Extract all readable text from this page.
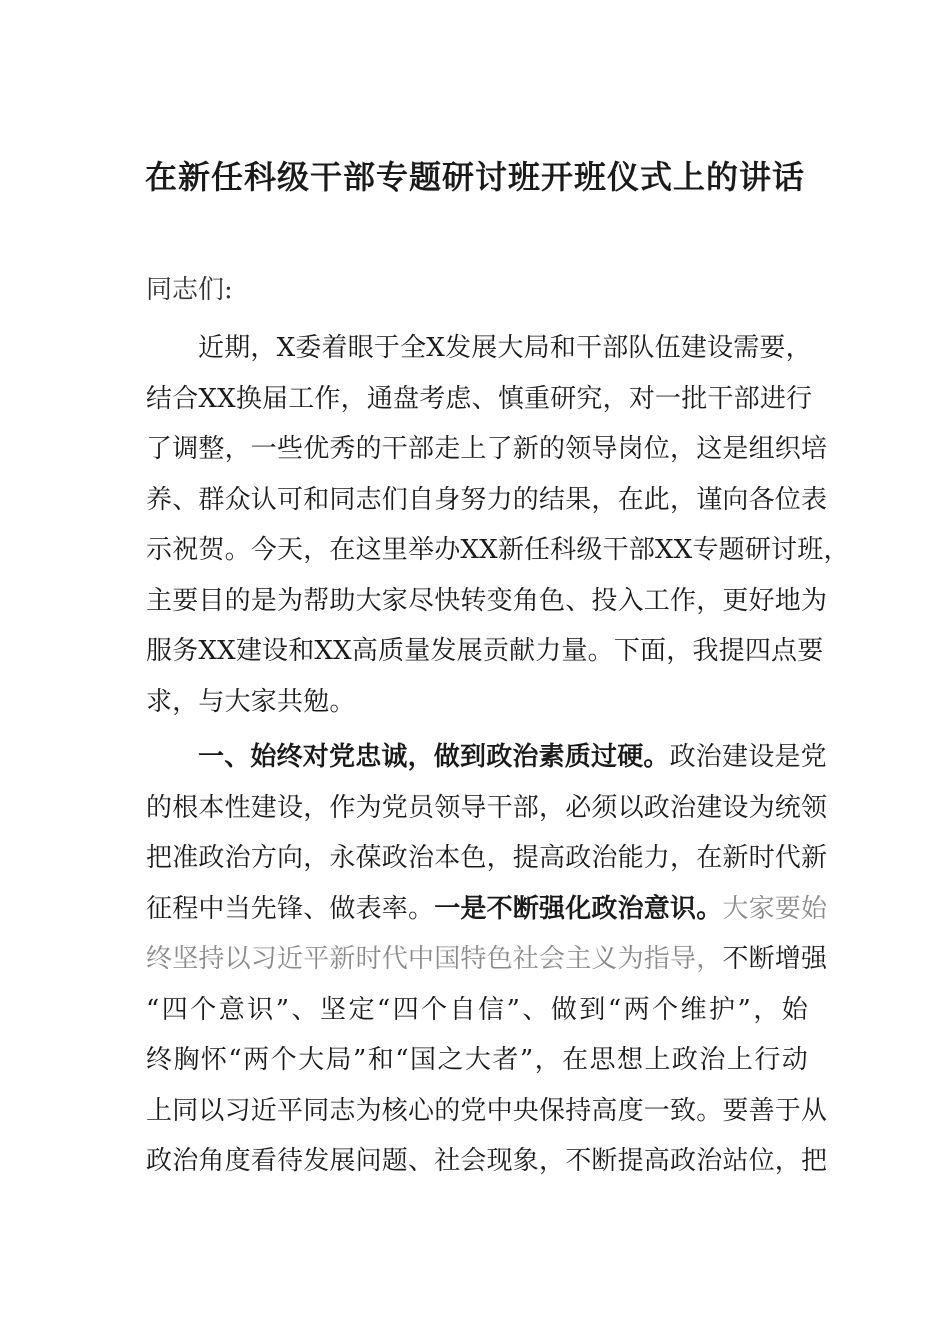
在新任科级干部专题研讨班开班仪式上的讲话

同志们:

近期，X委着眼于全X发展大局和干部队伍建设需要，
结合XX换届工作，通盘考虑、慎重研究，对一批干部进行
了调整，一些优秀的干部走上了新的领导岗位，这是组织培
养、群众认可和同志们自身努力的结果，在此，谨向各位表
示祝贺。今天，在这里举办XX新任科级干部XX专题研讨班，
主要目的是为帮助大家尽快转变角色、投入工作，更好地为
服务XX建设和XX高质量发展贡献力量。下面，我提四点要
求，与大家共勉。
一、始终对党忠诚，做到政治素质过硬。政治建设是党
的根本性建设，作为党员领导干部，必须以政治建设为统领
把准政治方向，永葆政治本色，提高政治能力，在新时代新
征程中当先锋、做表率。一是不断强化政治意识。大家要始
终坚持以习近平新时代中国特色社会主义为指导，不断增强
“四个意识”、坚定“四个自信”、做到“两个维护”，始
终胸怀“两个大局”和“国之大者”，在思想上政治上行动
上同以习近平同志为核心的党中央保持高度一致。要善于从
政治角度看待发展问题、社会现象，不断提高政治站位，把
